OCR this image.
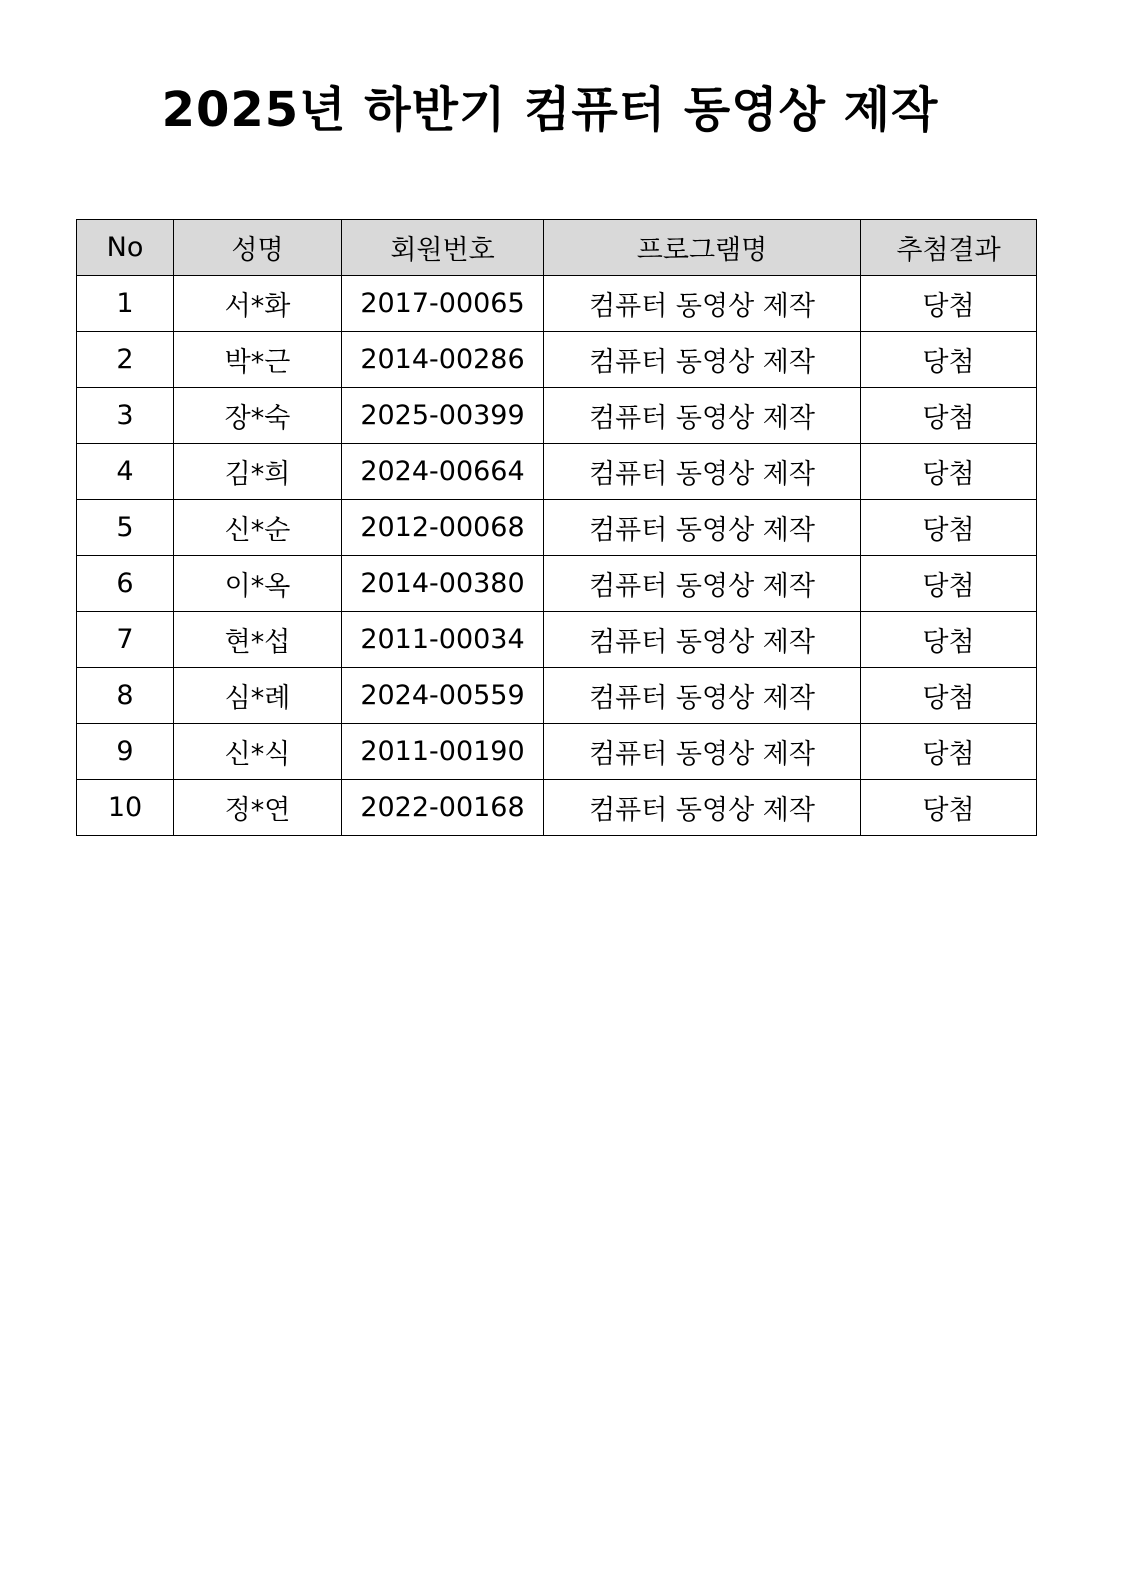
2025년 하반기 컴퓨터 동영상 제작
No	성명	회원번호	프로그램명	추첨결과
1	서*화	2017-00065	컴퓨터 동영상 제작	당첨
2	박*근	2014-00286	컴퓨터 동영상 제작	당첨
3	장*숙	2025-00399	컴퓨터 동영상 제작	당첨
4	김*희	2024-00664	컴퓨터 동영상 제작	당첨
5	신*순	2012-00068	컴퓨터 동영상 제작	당첨
6	이*옥	2014-00380	컴퓨터 동영상 제작	당첨
7	현*섭	2011-00034	컴퓨터 동영상 제작	당첨
8	심*례	2024-00559	컴퓨터 동영상 제작	당첨
9	신*식	2011-00190	컴퓨터 동영상 제작	당첨
10	정*연	2022-00168	컴퓨터 동영상 제작	당첨
